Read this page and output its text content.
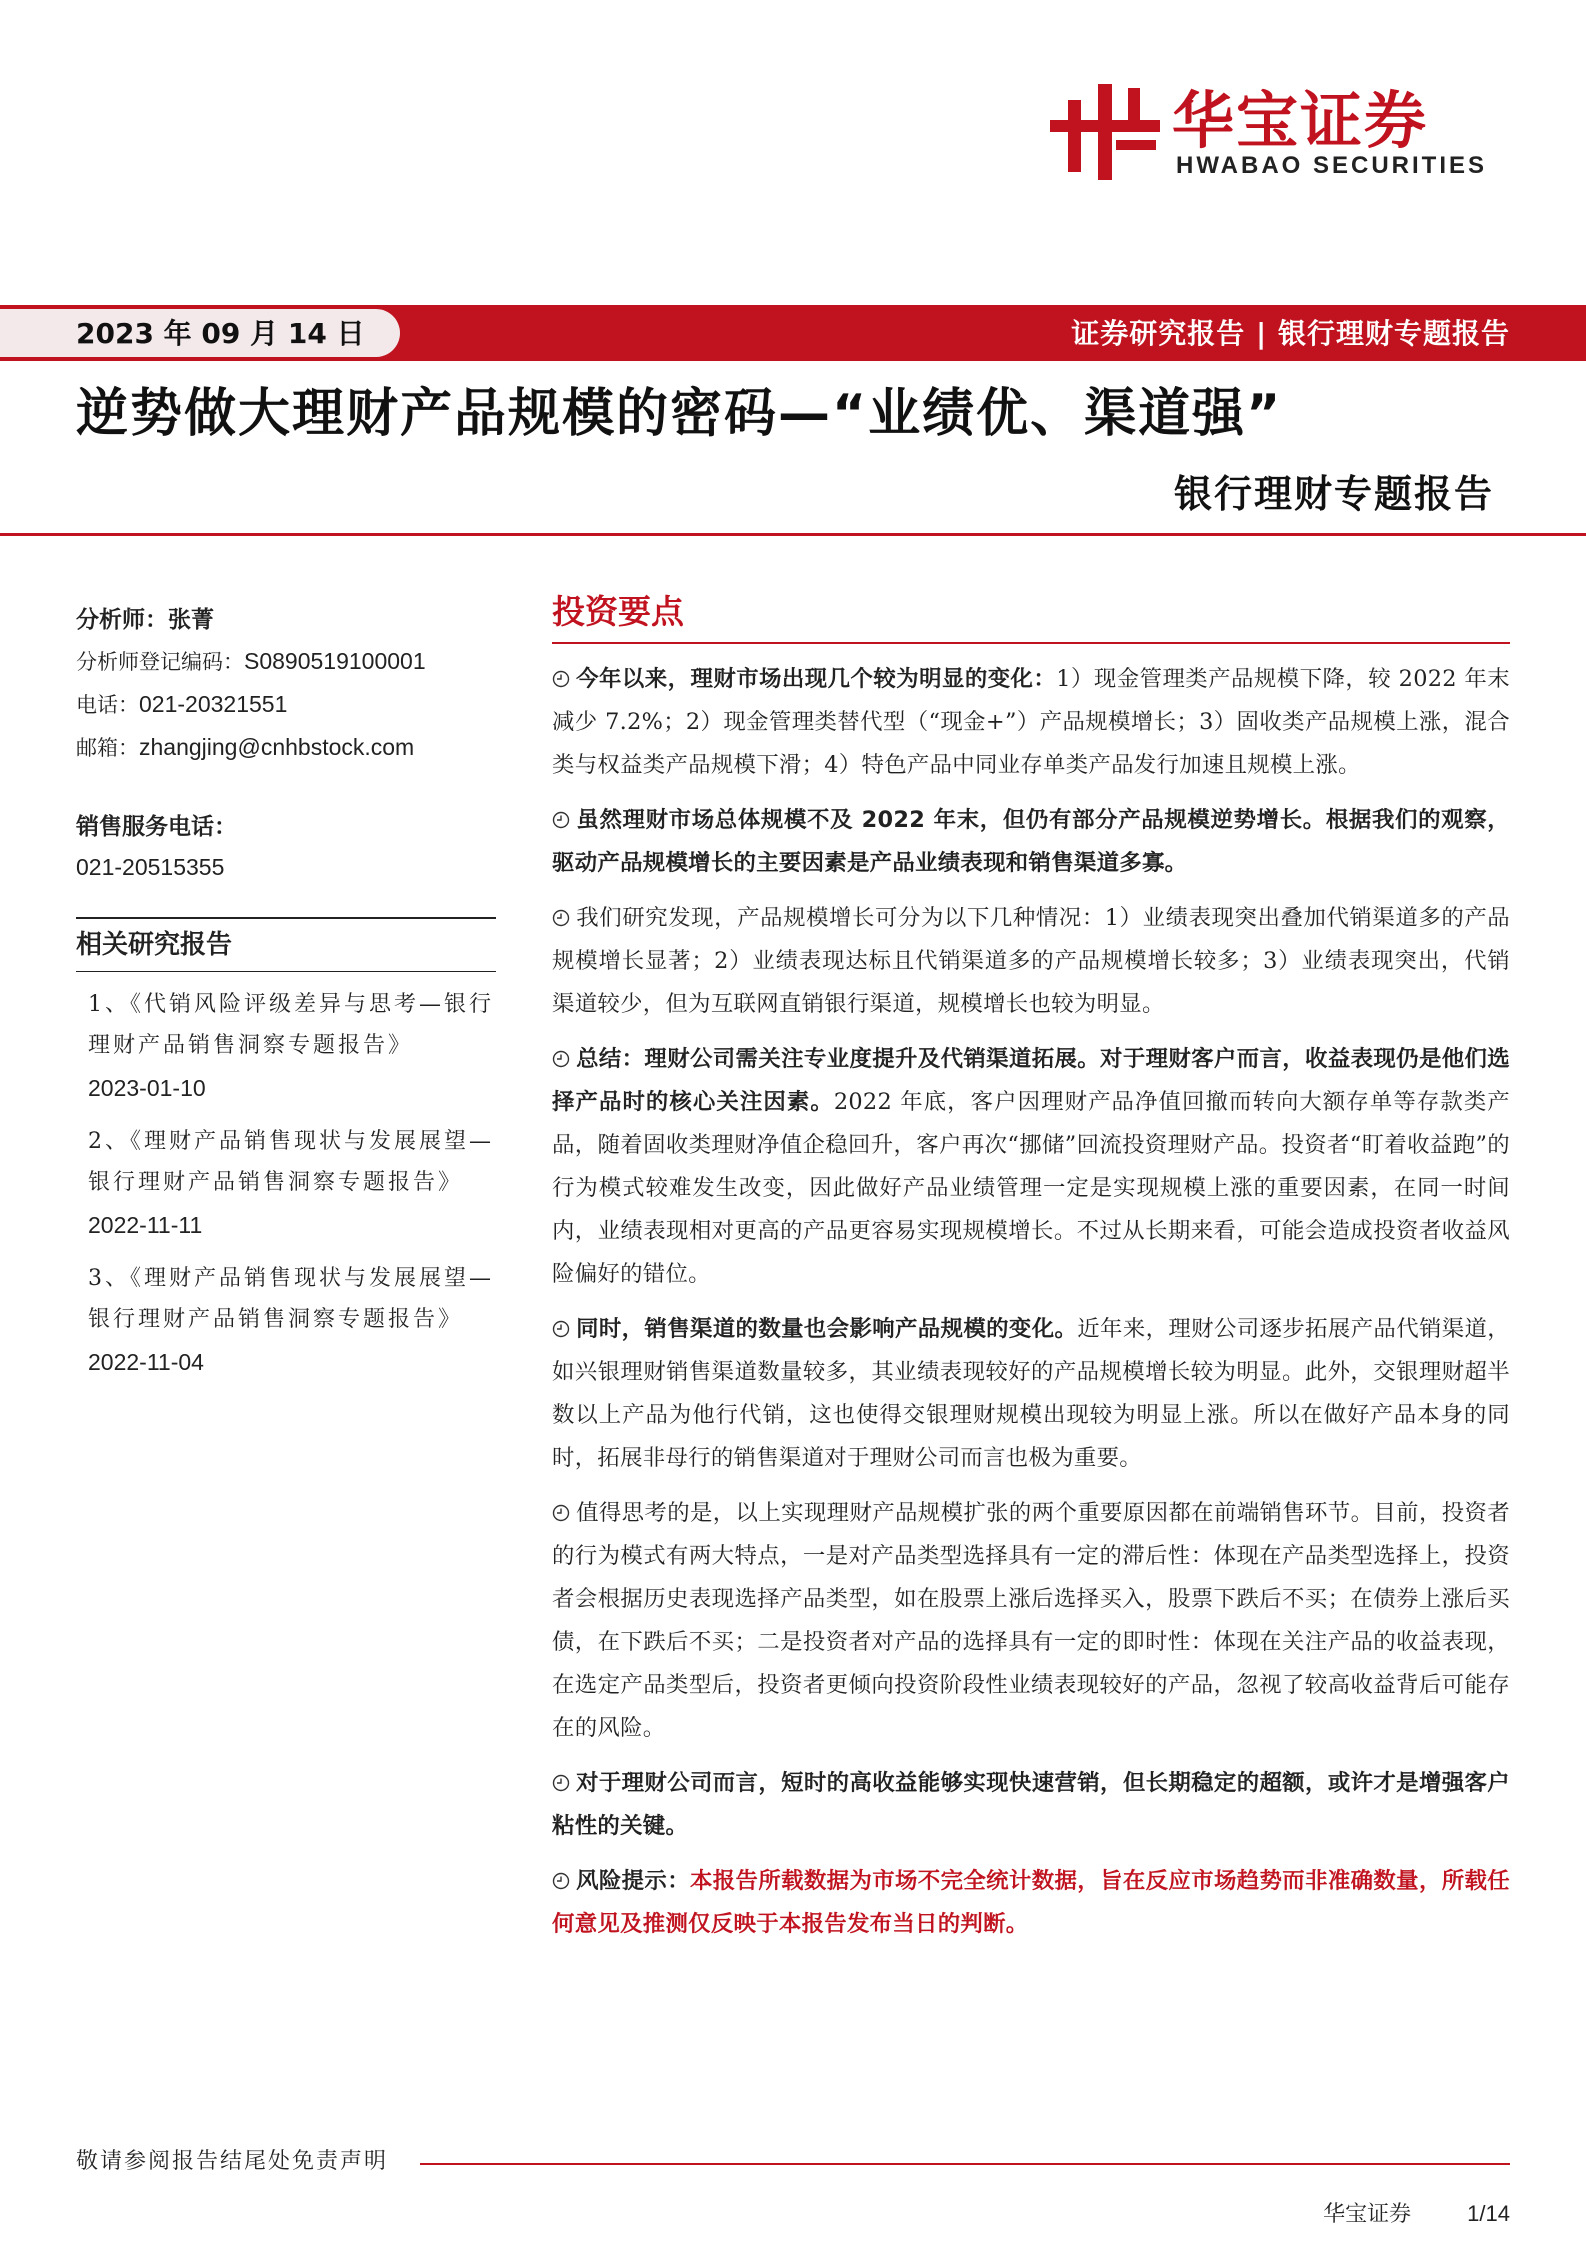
华宝证券
HWABAO SECURITIES
2023 年 09 月 14 日	证券研究报告 | 银行理财专题报告
逆势做大理财产品规模的密码—“业绩优、渠道强”
银行理财专题报告
分析师：张菁
分析师登记编码：S0890519100001
电话：021-20321551
邮箱：zhangjing@cnhbstock.com
销售服务电话：
021-20515355
相关研究报告
1、《代销风险评级差异与思考—银行理财产品销售洞察专题报告》
2023-01-10
2、《理财产品销售现状与发展展望—银行理财产品销售洞察专题报告》
2022-11-11
3、《理财产品销售现状与发展展望—银行理财产品销售洞察专题报告》
2022-11-04
投资要点

今年以来，理财市场出现几个较为明显的变化：1）现金管理类产品规模下降，较 2022 年末减少 7.2%；2）现金管理类替代型（“现金+”）产品规模增长；3）固收类产品规模上涨，混合类与权益类产品规模下滑；4）特色产品中同业存单类产品发行加速且规模上涨。

虽然理财市场总体规模不及 2022 年末，但仍有部分产品规模逆势增长。根据我们的观察，驱动产品规模增长的主要因素是产品业绩表现和销售渠道多寡。

我们研究发现，产品规模增长可分为以下几种情况：1）业绩表现突出叠加代销渠道多的产品规模增长显著；2）业绩表现达标且代销渠道多的产品规模增长较多；3）业绩表现突出，代销渠道较少，但为互联网直销银行渠道，规模增长也较为明显。

总结：理财公司需关注专业度提升及代销渠道拓展。对于理财客户而言，收益表现仍是他们选择产品时的核心关注因素。2022 年底，客户因理财产品净值回撤而转向大额存单等存款类产品，随着固收类理财净值企稳回升，客户再次“挪储”回流投资理财产品。投资者“盯着收益跑”的行为模式较难发生改变，因此做好产品业绩管理一定是实现规模上涨的重要因素，在同一时间内，业绩表现相对更高的产品更容易实现规模增长。不过从长期来看，可能会造成投资者收益风险偏好的错位。

同时，销售渠道的数量也会影响产品规模的变化。近年来，理财公司逐步拓展产品代销渠道，如兴银理财销售渠道数量较多，其业绩表现较好的产品规模增长较为明显。此外，交银理财超半数以上产品为他行代销，这也使得交银理财规模出现较为明显上涨。所以在做好产品本身的同时，拓展非母行的销售渠道对于理财公司而言也极为重要。

值得思考的是，以上实现理财产品规模扩张的两个重要原因都在前端销售环节。目前，投资者的行为模式有两大特点，一是对产品类型选择具有一定的滞后性：体现在产品类型选择上，投资者会根据历史表现选择产品类型，如在股票上涨后选择买入，股票下跌后不买；在债券上涨后买债，在下跌后不买；二是投资者对产品的选择具有一定的即时性：体现在关注产品的收益表现，在选定产品类型后，投资者更倾向投资阶段性业绩表现较好的产品，忽视了较高收益背后可能存在的风险。

对于理财公司而言，短时的高收益能够实现快速营销，但长期稳定的超额，或许才是增强客户粘性的关键。

风险提示：本报告所载数据为市场不完全统计数据，旨在反应市场趋势而非准确数量，所载任何意见及推测仅反映于本报告发布当日的判断。

敬请参阅报告结尾处免责声明
华宝证券	1/14
